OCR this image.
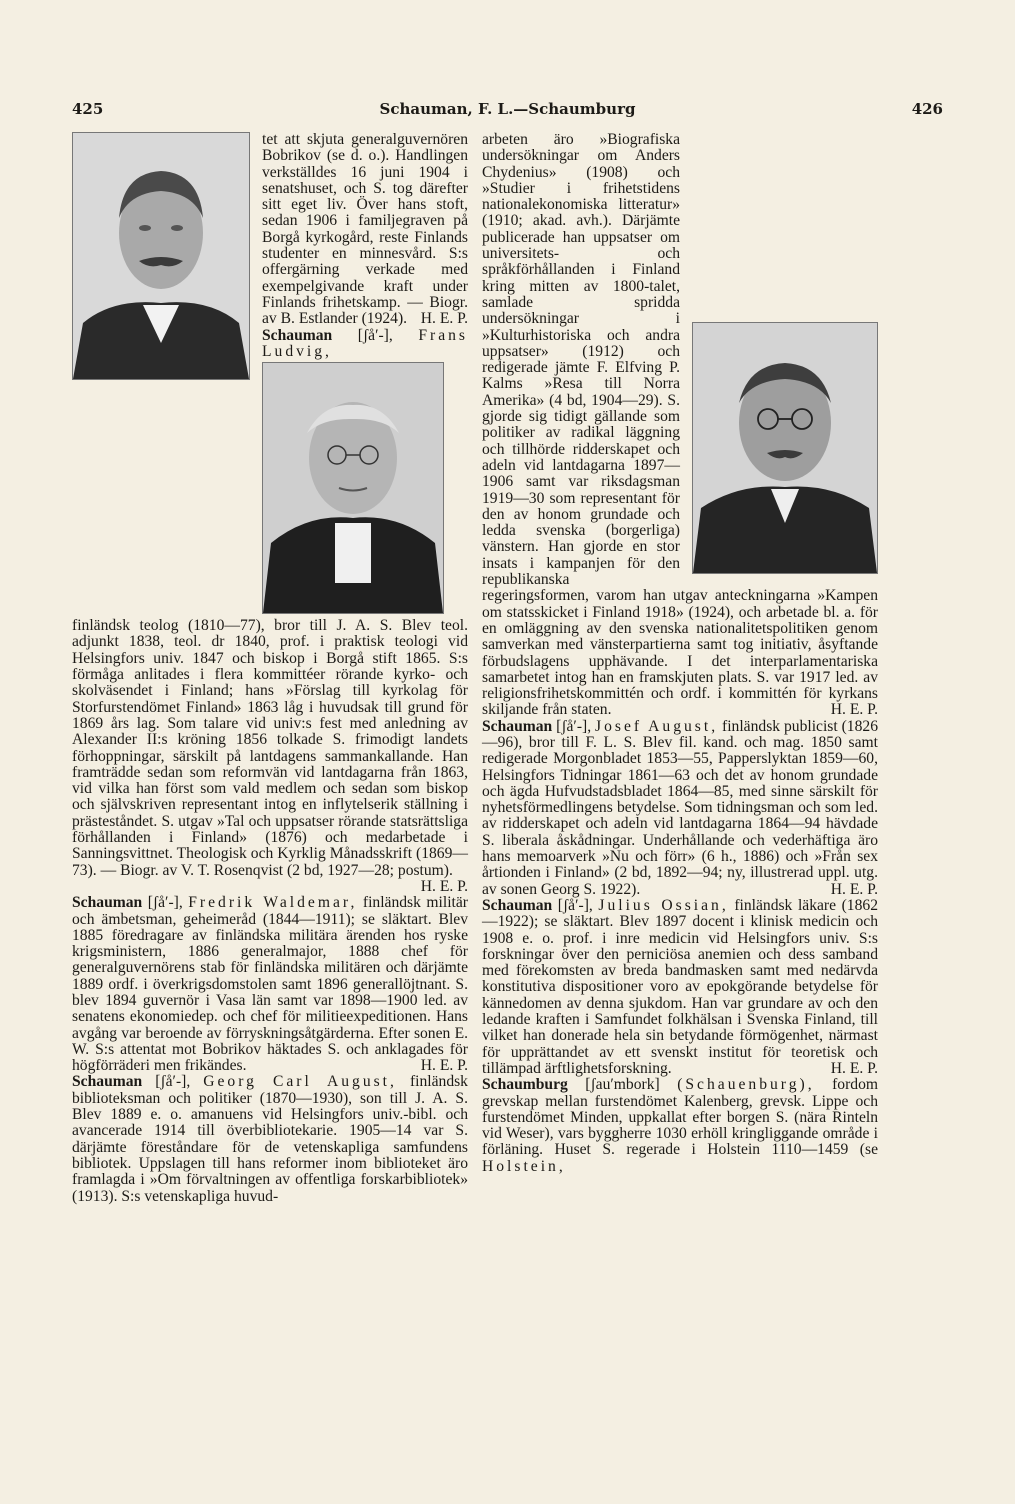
425	Schauman, F. L.—Schaumburg	426

tet att skjuta generalguvernören Bobrikov (se d. o.). Handlingen verkställdes 16 juni 1904 i senatshuset, och S. tog därefter sitt eget liv. Över hans stoft, sedan 1906 i familjegraven på Borgå kyrkogård, reste Finlands studenter en minnesvård. S:s offergärning verkade med exempelgivande kraft under Finlands frihetskamp. — Biogr. av B. Estlander (1924). H. E. P.

Schauman [ʃå′-], Frans Ludvig,

finländsk teolog (1810—77), bror till J. A. S. Blev teol. adjunkt 1838, teol. dr 1840, prof. i praktisk teologi vid Helsingfors univ. 1847 och biskop i Borgå stift 1865. S:s förmåga anlitades i flera kommittéer rörande kyrko- och skolväsendet i Finland; hans »Förslag till kyrkolag för Storfurstendömet Finland» 1863 låg i huvudsak till grund för 1869 års lag. Som talare vid univ:s fest med anledning av Alexander II:s kröning 1856 tolkade S. frimodigt landets förhoppningar, särskilt på lantdagens sammankallande. Han framträdde sedan som reformvän vid lantdagarna från 1863, vid vilka han först som vald medlem och sedan som biskop och självskriven representant intog en inflytelserik ställning i prästeståndet. S. utgav »Tal och uppsatser rörande statsrättsliga förhållanden i Finland» (1876) och medarbetade i Sanningsvittnet. Theologisk och Kyrklig Månadsskrift (1869—73). — Biogr. av V. T. Rosenqvist (2 bd, 1927—28; postum).
H. E. P.

Schauman [ʃå′-], Fredrik Waldemar, finländsk militär och ämbetsman, geheimeråd (1844—1911); se släktart. Blev 1885 föredragare av finländska militära ärenden hos ryske krigsministern, 1886 generalmajor, 1888 chef för generalguvernörens stab för finländska militären och därjämte 1889 ordf. i överkrigsdomstolen samt 1896 generallöjtnant. S. blev 1894 guvernör i Vasa län samt var 1898—1900 led. av senatens ekonomiedep. och chef för militieexpeditionen. Hans avgång var beroende av förryskningsåtgärderna. Efter sonen E. W. S:s attentat mot Bobrikov häktades S. och anklagades för högförräderi men frikändes.	H. E. P.

Schauman [ʃå′-], Georg Carl August, finländsk biblioteksman och politiker (1870—1930), son till J. A. S. Blev 1889 e. o. amanuens vid Helsingfors univ.-bibl. och avancerade 1914 till överbibliotekarie. 1905—14 var S. därjämte föreståndare för de vetenskapliga samfundens bibliotek. Uppslagen till hans reformer inom biblioteket äro framlagda i »Om förvaltningen av offentliga forskarbibliotek» (1913). S:s vetenskapliga huvud-

arbeten äro »Biografiska undersökningar om Anders Chydenius» (1908) och »Studier i frihetstidens nationalekonomiska litteratur» (1910; akad. avh.). Därjämte publicerade han uppsatser om universitets- och språkförhållanden i Finland kring mitten av 1800-talet, samlade spridda undersökningar i »Kulturhistoriska och andra uppsatser» (1912) och redigerade jämte F. Elfving P. Kalms »Resa till Norra Amerika» (4 bd, 1904—29). S. gjorde sig tidigt gällande som politiker av radikal läggning och tillhörde ridderskapet och adeln vid lantdagarna 1897—1906 samt var riksdagsman 1919—30 som representant för den av honom grundade och ledda svenska (borgerliga) vänstern. Han gjorde en stor insats i kampanjen för den republikanska regeringsformen, varom han utgav anteckningarna »Kampen om statsskicket i Finland 1918» (1924), och arbetade bl. a. för en omläggning av den svenska nationalitetspolitiken genom samverkan med vänsterpartierna samt tog initiativ, åsyftande förbudslagens upphävande. I det interparlamentariska samarbetet intog han en framskjuten plats. S. var 1917 led. av religionsfrihetskommittén och ordf. i kommittén för kyrkans skiljande från staten.	H. E. P.

Schauman [ʃå′-], Josef August, finländsk publicist (1826—96), bror till F. L. S. Blev fil. kand. och mag. 1850 samt redigerade Morgonbladet 1853—55, Papperslyktan 1859—60, Helsingfors Tidningar 1861—63 och det av honom grundade och ägda Hufvudstadsbladet 1864—85, med sinne särskilt för nyhetsförmedlingens betydelse. Som tidningsman och som led. av ridderskapet och adeln vid lantdagarna 1864—94 hävdade S. liberala åskådningar. Underhållande och vederhäftiga äro hans memoarverk »Nu och förr» (6 h., 1886) och »Från sex årtionden i Finland» (2 bd, 1892—94; ny, illustrerad uppl. utg. av sonen Georg S. 1922).	H. E. P.

Schauman [ʃå′-], Julius Ossian, finländsk läkare (1862—1922); se släktart. Blev 1897 docent i klinisk medicin och 1908 e. o. prof. i inre medicin vid Helsingfors univ. S:s forskningar över den perniciösa anemien och dess samband med förekomsten av breda bandmasken samt med nedärvda konstitutiva dispositioner voro av epokgörande betydelse för kännedomen av denna sjukdom. Han var grundare av och den ledande kraften i Samfundet folkhälsan i Svenska Finland, till vilket han donerade hela sin betydande förmögenhet, närmast för upprättandet av ett svenskt institut för teoretisk och tillämpad ärftlighetsforskning.	H. E. P.

Schaumburg [ʃau′mbork] (Schauenburg), fordom grevskap mellan furstendömet Kalenberg, grevsk. Lippe och furstendömet Minden, uppkallat efter borgen S. (nära Rinteln vid Weser), vars byggherre 1030 erhöll kringliggande område i förläning. Huset S. regerade i Holstein 1110—1459 (se Holstein,
